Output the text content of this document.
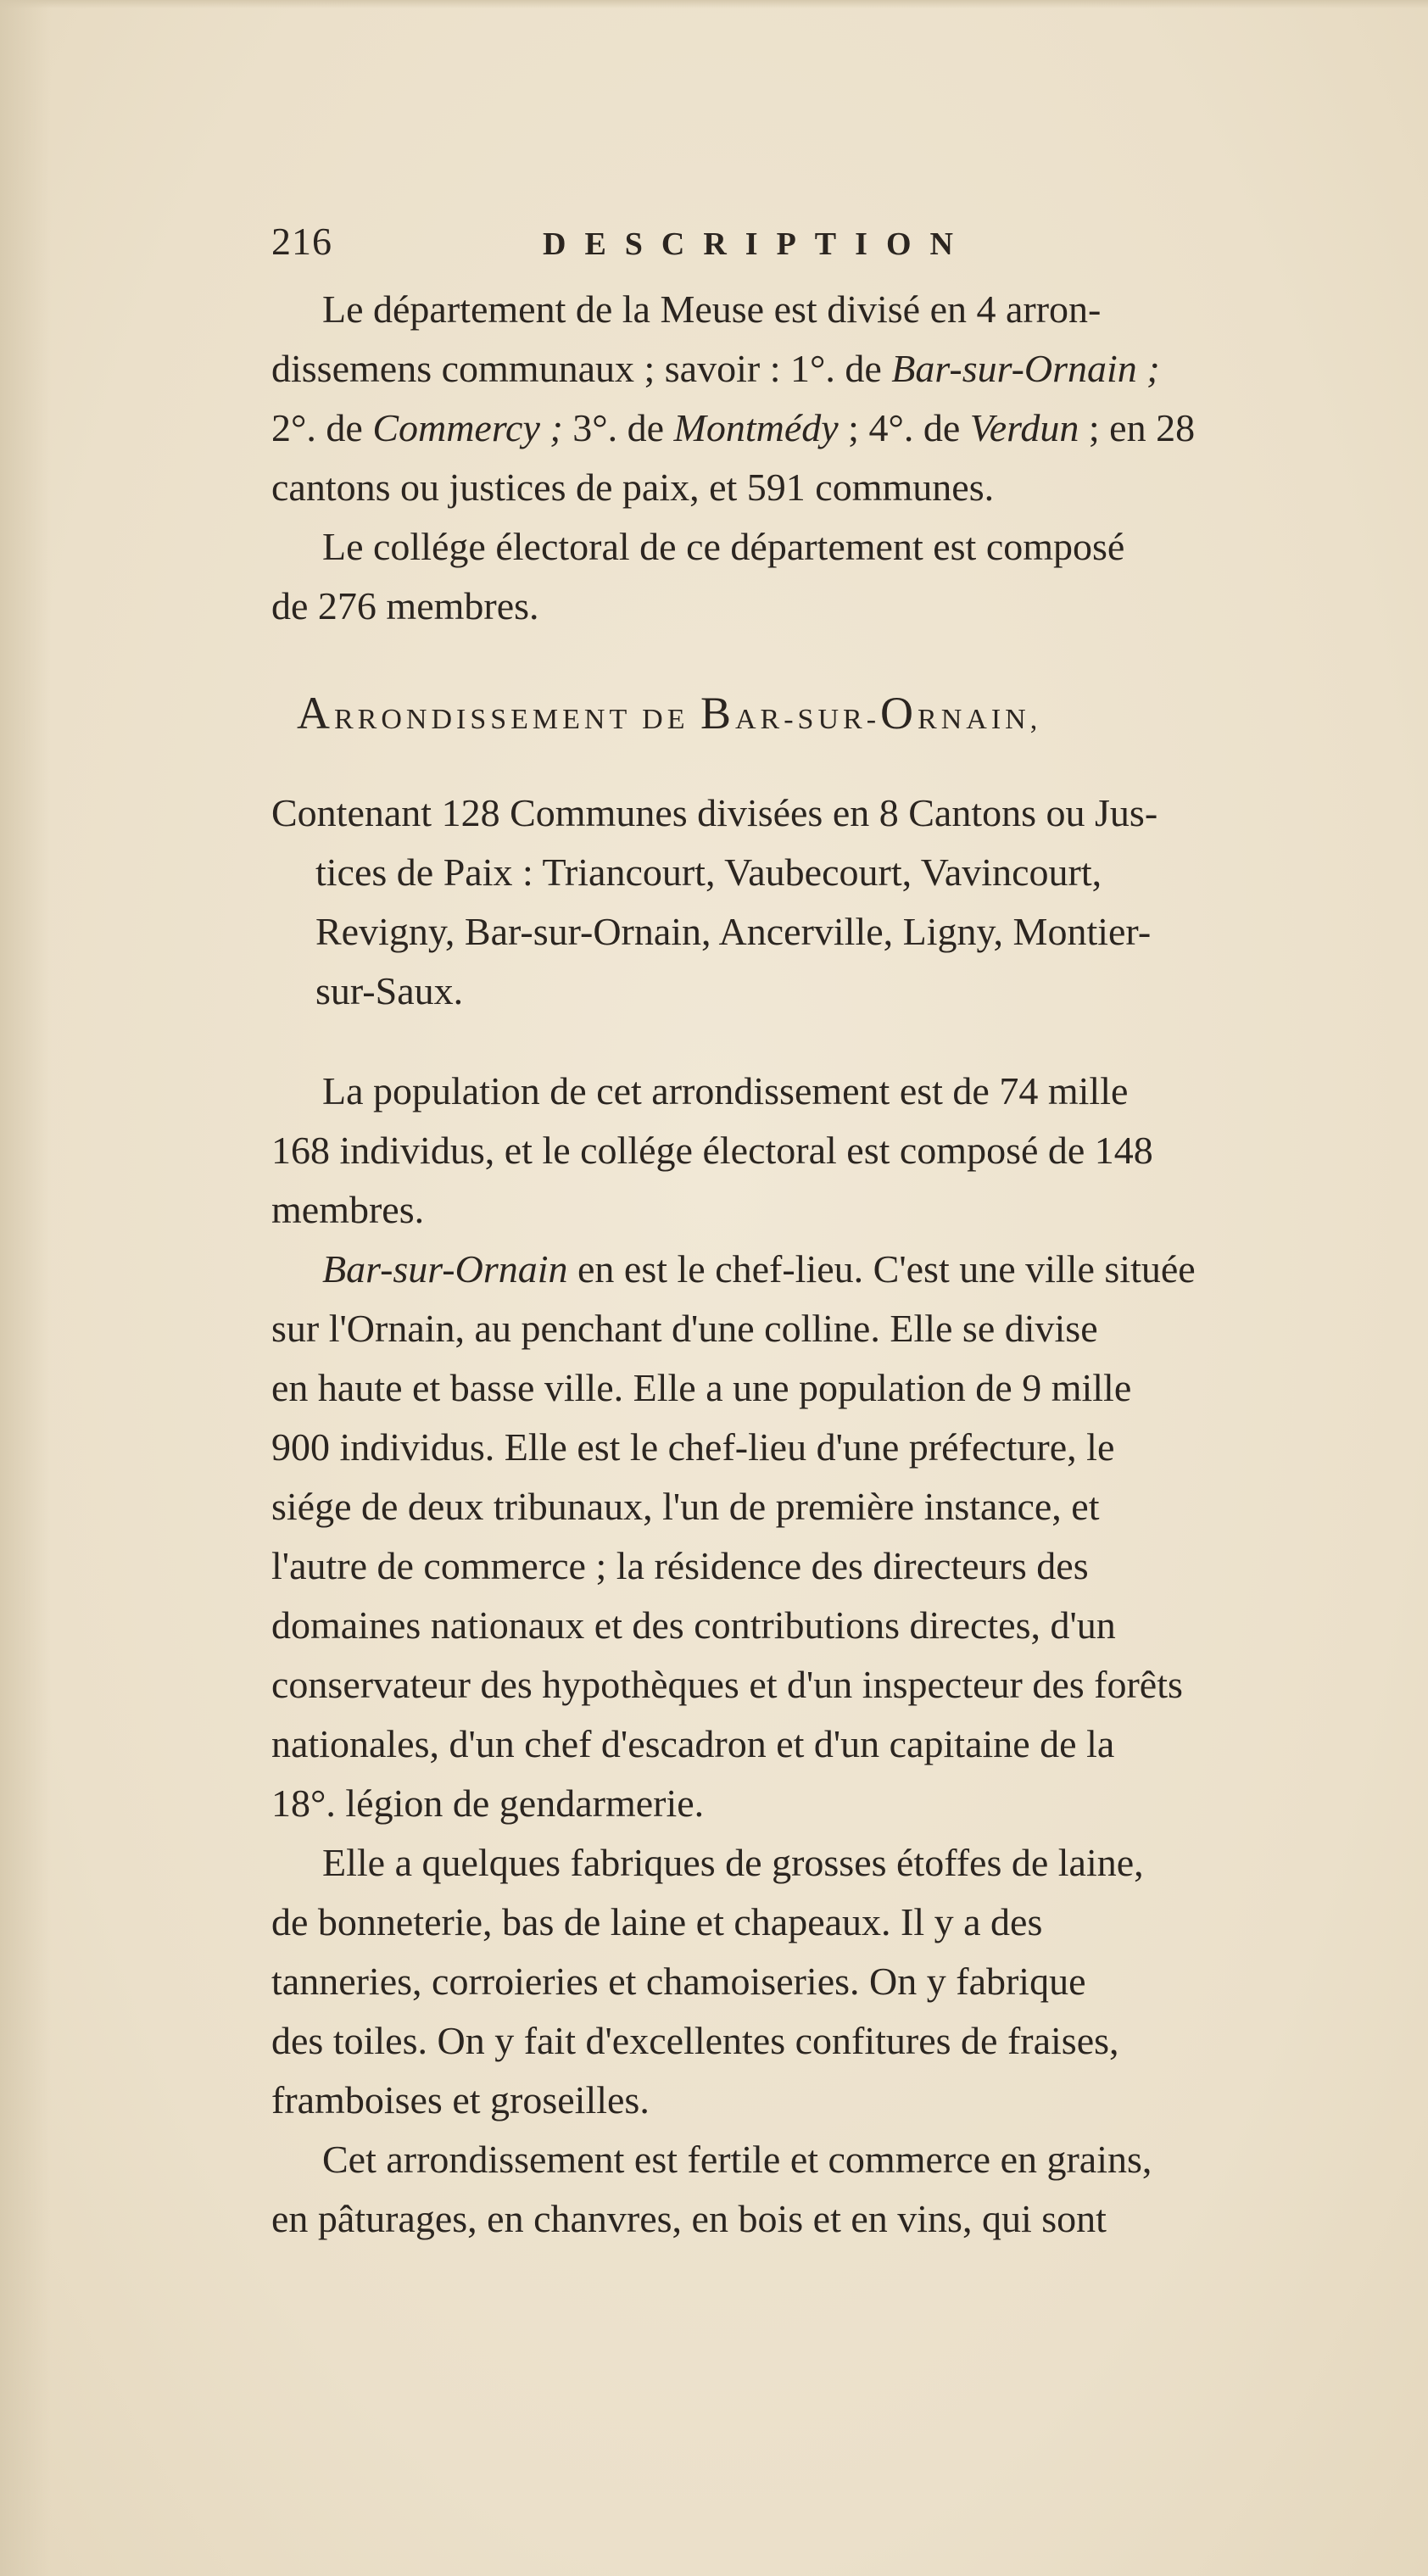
216	DESCRIPTION
Le département de la Meuse est divisé en 4 arron-
dissemens communaux ; savoir : 1°. de Bar-sur-Ornain ;
2°. de Commercy ; 3°. de Montmédy ; 4°. de Verdun ; en 28
cantons ou justices de paix, et 591 communes.
Le collége électoral de ce département est composé
de 276 membres.
ARRONDISSEMENT DE BAR-SUR-ORNAIN,
Contenant 128 Communes divisées en 8 Cantons ou Jus-
tices de Paix : Triancourt, Vaubecourt, Vavincourt,
Revigny, Bar-sur-Ornain, Ancerville, Ligny, Montier-
sur-Saux.
La population de cet arrondissement est de 74 mille
168 individus, et le collége électoral est composé de 148
membres.
Bar-sur-Ornain en est le chef-lieu. C'est une ville située
sur l'Ornain, au penchant d'une colline. Elle se divise
en haute et basse ville. Elle a une population de 9 mille
900 individus. Elle est le chef-lieu d'une préfecture, le
siége de deux tribunaux, l'un de première instance, et
l'autre de commerce ; la résidence des directeurs des
domaines nationaux et des contributions directes, d'un
conservateur des hypothèques et d'un inspecteur des forêts
nationales, d'un chef d'escadron et d'un capitaine de la
18°. légion de gendarmerie.
Elle a quelques fabriques de grosses étoffes de laine,
de bonneterie, bas de laine et chapeaux. Il y a des
tanneries, corroieries et chamoiseries. On y fabrique
des toiles. On y fait d'excellentes confitures de fraises,
framboises et groseilles.
Cet arrondissement est fertile et commerce en grains,
en pâturages, en chanvres, en bois et en vins, qui sont
